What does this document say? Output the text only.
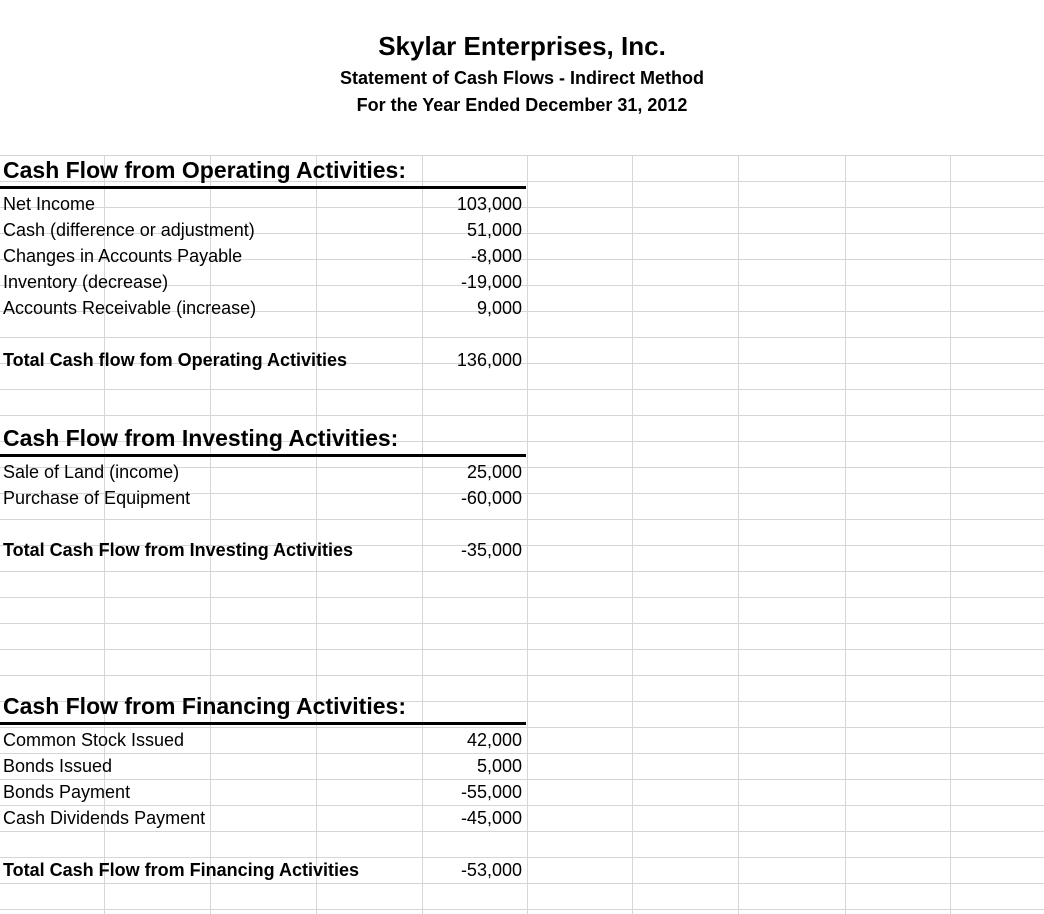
Skylar Enterprises, Inc.
Statement of Cash Flows - Indirect Method
For the Year Ended December 31, 2012
Cash Flow from Operating Activities:
Net Income	103,000
Cash (difference or adjustment)	51,000
Changes in Accounts Payable	-8,000
Inventory (decrease)	-19,000
Accounts Receivable (increase)	9,000
Total Cash flow fom Operating Activities	136,000
Cash Flow from Investing Activities:
Sale of Land (income)	25,000
Purchase of Equipment	-60,000
Total Cash Flow from Investing Activities	-35,000
Cash Flow from Financing Activities:
Common Stock Issued	42,000
Bonds Issued	5,000
Bonds Payment	-55,000
Cash Dividends Payment	-45,000
Total Cash Flow from Financing Activities	-53,000
